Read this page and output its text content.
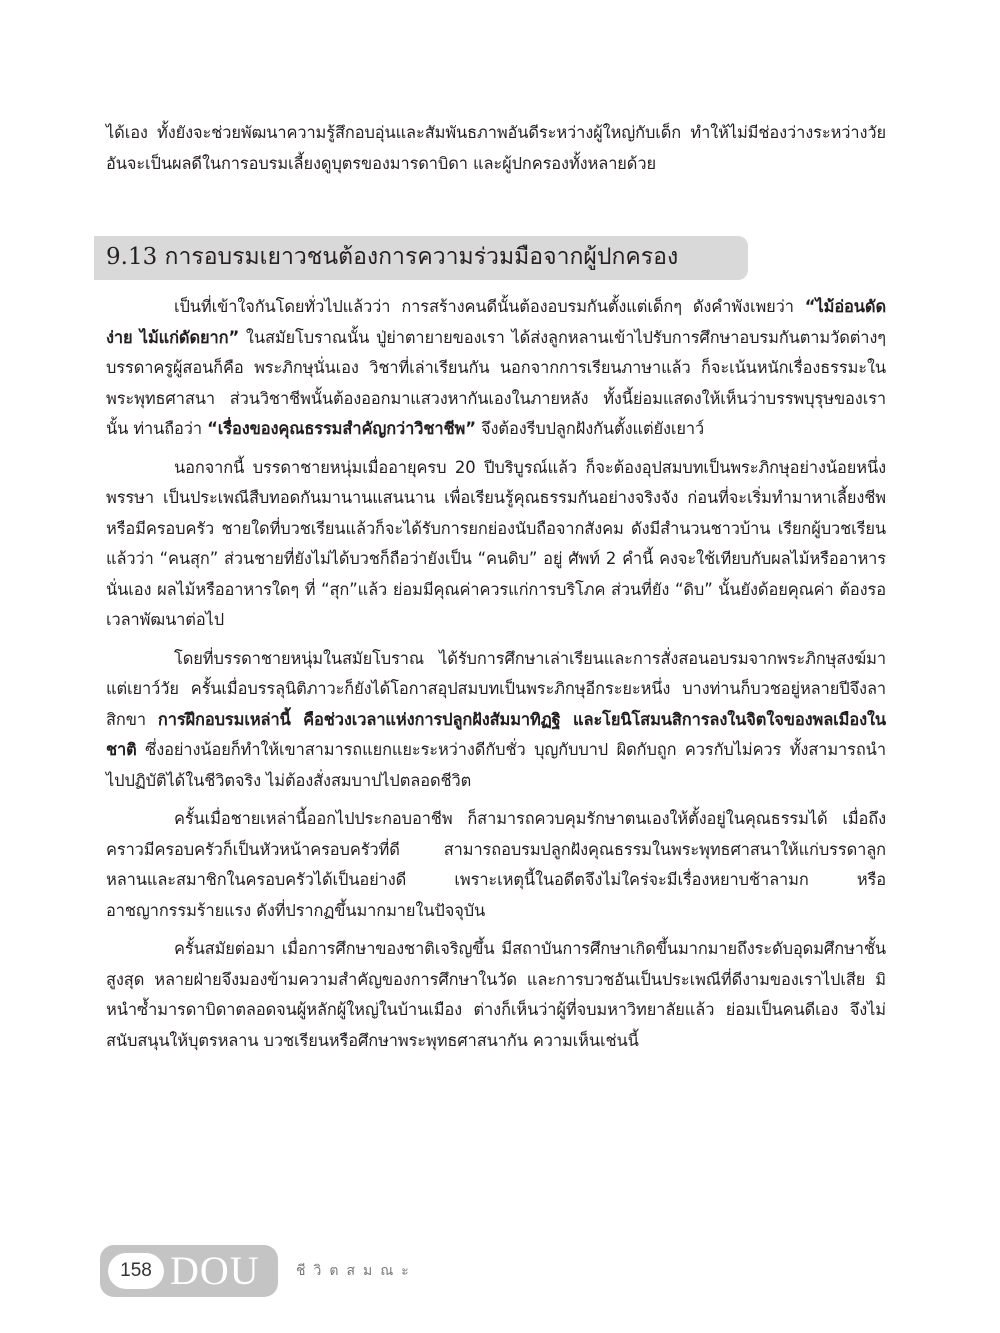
ได้เอง ทั้งยังจะช่วยพัฒนาความรู้สึกอบอุ่นและสัมพันธภาพอันดีระหว่างผู้ใหญ่กับเด็ก ทำให้ไม่มีช่องว่างระหว่างวัย อันจะเป็นผลดีในการอบรมเลี้ยงดูบุตรของมารดาบิดา และผู้ปกครองทั้งหลายด้วย

9.13 การอบรมเยาวชนต้องการความร่วมมือจากผู้ปกครอง

เป็นที่เข้าใจกันโดยทั่วไปแล้วว่า การสร้างคนดีนั้นต้องอบรมกันตั้งแต่เด็กๆ ดังคำพังเพยว่า “ไม้อ่อนดัดง่าย ไม้แก่ดัดยาก” ในสมัยโบราณนั้น ปู่ย่าตายายของเรา ได้ส่งลูกหลานเข้าไปรับการศึกษาอบรมกันตามวัดต่างๆ บรรดาครูผู้สอนก็คือ พระภิกษุนั่นเอง วิชาที่เล่าเรียนกัน นอกจากการเรียนภาษาแล้ว ก็จะเน้นหนักเรื่องธรรมะในพระพุทธศาสนา ส่วนวิชาชีพนั้นต้องออกมาแสวงหากันเองในภายหลัง ทั้งนี้ย่อมแสดงให้เห็นว่าบรรพบุรุษของเรานั้น ท่านถือว่า “เรื่องของคุณธรรมสำคัญกว่าวิชาชีพ” จึงต้องรีบปลูกฝังกันตั้งแต่ยังเยาว์

นอกจากนี้ บรรดาชายหนุ่มเมื่ออายุครบ 20 ปีบริบูรณ์แล้ว ก็จะต้องอุปสมบทเป็นพระภิกษุอย่างน้อยหนึ่งพรรษา เป็นประเพณีสืบทอดกันมานานแสนนาน เพื่อเรียนรู้คุณธรรมกันอย่างจริงจัง ก่อนที่จะเริ่มทำมาหาเลี้ยงชีพหรือมีครอบครัว ชายใดที่บวชเรียนแล้วก็จะได้รับการยกย่องนับถือจากสังคม ดังมีสำนวนชาวบ้าน เรียกผู้บวชเรียนแล้วว่า “คนสุก” ส่วนชายที่ยังไม่ได้บวชก็ถือว่ายังเป็น “คนดิบ” อยู่ ศัพท์ 2 คำนี้ คงจะใช้เทียบกับผลไม้หรืออาหารนั่นเอง ผลไม้หรืออาหารใดๆ ที่ “สุก”แล้ว ย่อมมีคุณค่าควรแก่การบริโภค ส่วนที่ยัง “ดิบ” นั้นยังด้อยคุณค่า ต้องรอเวลาพัฒนาต่อไป

โดยที่บรรดาชายหนุ่มในสมัยโบราณ ได้รับการศึกษาเล่าเรียนและการสั่งสอนอบรมจากพระภิกษุสงฆ์มาแต่เยาว์วัย ครั้นเมื่อบรรลุนิติภาวะก็ยังได้โอกาสอุปสมบทเป็นพระภิกษุอีกระยะหนึ่ง บางท่านก็บวชอยู่หลายปีจึงลาสิกขา การฝึกอบรมเหล่านี้ คือช่วงเวลาแห่งการปลูกฝังสัมมาทิฏฐิ และโยนิโสมนสิการลงในจิตใจของพลเมืองในชาติ ซึ่งอย่างน้อยก็ทำให้เขาสามารถแยกแยะระหว่างดีกับชั่ว บุญกับบาป ผิดกับถูก ควรกับไม่ควร ทั้งสามารถนำไปปฏิบัติได้ในชีวิตจริง ไม่ต้องสั่งสมบาปไปตลอดชีวิต

ครั้นเมื่อชายเหล่านี้ออกไปประกอบอาชีพ ก็สามารถควบคุมรักษาตนเองให้ตั้งอยู่ในคุณธรรมได้ เมื่อถึงคราวมีครอบครัวก็เป็นหัวหน้าครอบครัวที่ดี สามารถอบรมปลูกฝังคุณธรรมในพระพุทธศาสนาให้แก่บรรดาลูกหลานและสมาชิกในครอบครัวได้เป็นอย่างดี เพราะเหตุนี้ในอดีตจึงไม่ใคร่จะมีเรื่องหยาบช้าลามก หรืออาชญากรรมร้ายแรง ดังที่ปรากฏขึ้นมากมายในปัจจุบัน

ครั้นสมัยต่อมา เมื่อการศึกษาของชาติเจริญขึ้น มีสถาบันการศึกษาเกิดขึ้นมากมายถึงระดับอุดมศึกษาชั้นสูงสุด หลายฝ่ายจึงมองข้ามความสำคัญของการศึกษาในวัด และการบวชอันเป็นประเพณีที่ดีงามของเราไปเสีย มิหนำซ้ำมารดาบิดาตลอดจนผู้หลักผู้ใหญ่ในบ้านเมือง ต่างก็เห็นว่าผู้ที่จบมหาวิทยาลัยแล้ว ย่อมเป็นคนดีเอง จึงไม่สนับสนุนให้บุตรหลาน บวชเรียนหรือศึกษาพระพุทธศาสนากัน ความเห็นเช่นนี้

158 DOU	ชีวิตสมณะ
